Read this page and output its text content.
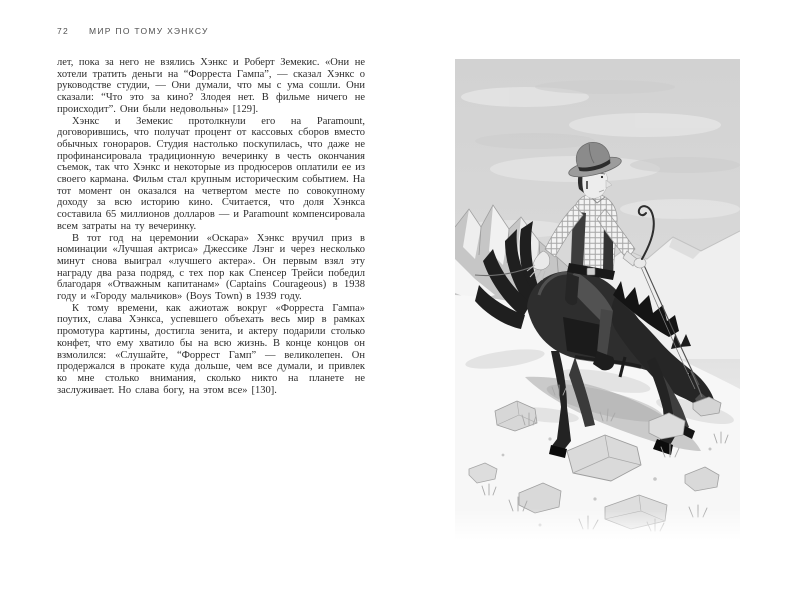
72	МИР ПО ТОМУ ХЭНКСУ

лет, пока за него не взялись Хэнкс и Роберт Земекис. «Они не хотели тратить деньги на “Форреста Гампа”, — сказал Хэнкс о руководстве студии, — Они думали, что мы с ума сошли. Они сказали: “Что это за кино? Злодея нет. В фильме ничего не происходит”. Они были недовольны» [129].

Хэнкс и Земекис протолкнули его на Paramount, договорившись, что получат процент от кассовых сборов вместо обычных гонораров. Студия настолько поскупилась, что даже не профинансировала традиционную вечеринку в честь окончания съемок, так что Хэнкс и некоторые из продюсеров оплатили ее из своего кармана. Фильм стал крупным историческим событием. На тот момент он оказался на четвертом месте по совокупному доходу за всю историю кино. Считается, что доля Хэнкса составила 65 миллионов долларов — и Paramount компенсировала всем затраты на ту вечеринку.

В тот год на церемонии «Оскара» Хэнкс вручил приз в номинации «Лучшая актриса» Джессике Лэнг и через несколько минут снова выиграл «лучшего актера». Он первым взял эту награду два раза подряд, с тех пор как Спенсер Трейси победил благодаря «Отважным капитанам» (Captains Courageous) в 1938 году и «Городу мальчиков» (Boys Town) в 1939 году.

К тому времени, как ажиотаж вокруг «Форреста Гампа» поутих, слава Хэнкса, успевшего объехать весь мир в рамках промотура картины, достигла зенита, и актеру подарили столько конфет, что ему хватило бы на всю жизнь. В конце концов он взмолился: «Слушайте, “Форрест Гамп” — великолепен. Он продержался в прокате куда дольше, чем все думали, и привлек ко мне столько внимания, сколько никто на планете не заслуживает. Но слава богу, на этом все» [130].
